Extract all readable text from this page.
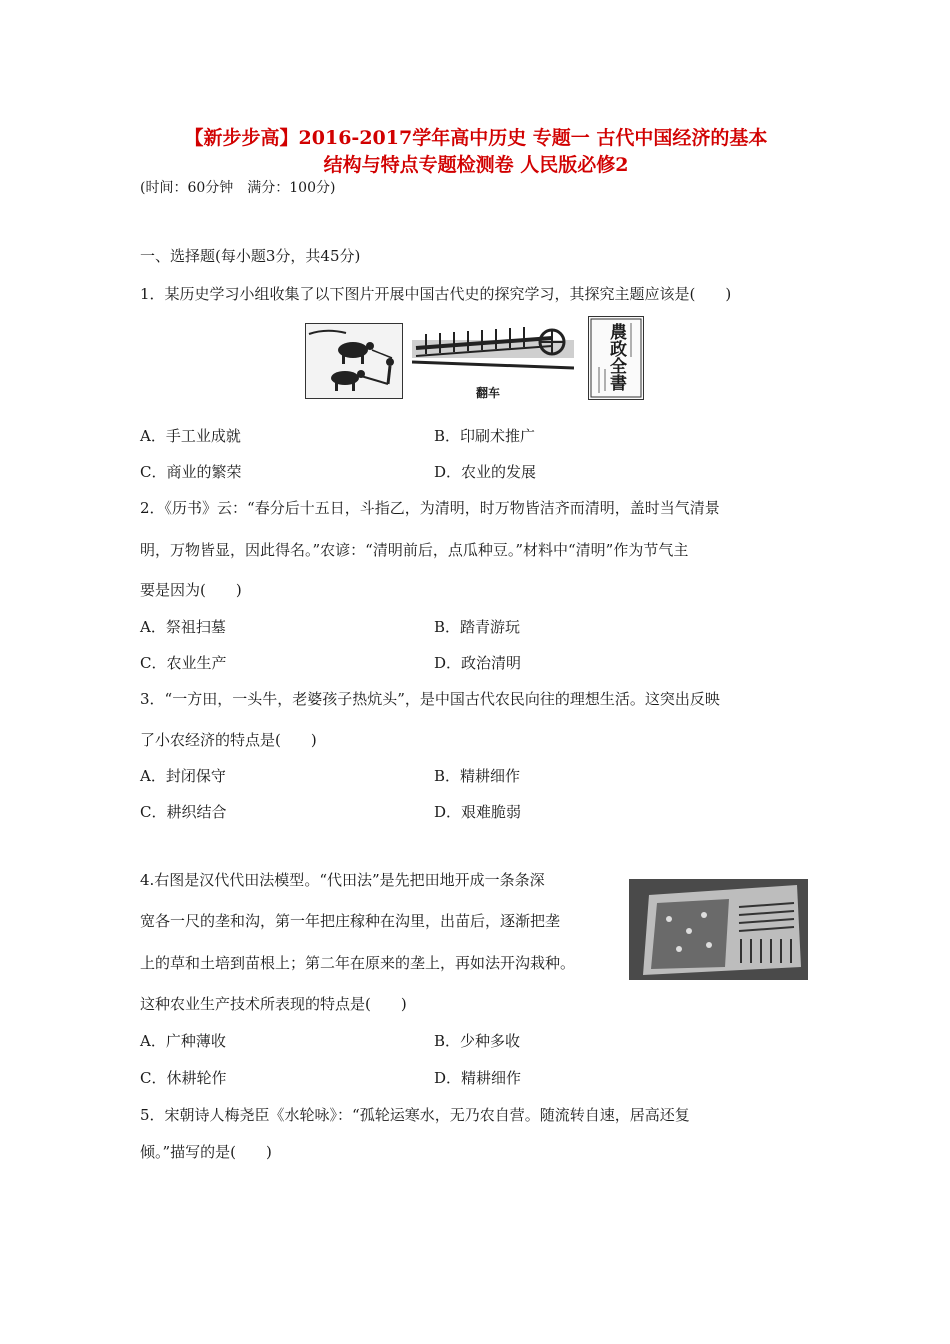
【新步步高】2016-2017学年高中历史 专题一 古代中国经济的基本
结构与特点专题检测卷 人民版必修2
(时间：60分钟　满分：100分)
一、选择题(每小题3分，共45分)
1．某历史学习小组收集了以下图片开展中国古代史的探究学习，其探究主题应该是(　　)
翻车
農政全書
A．手工业成就	B．印刷术推广
C．商业的繁荣	D．农业的发展
2．《历书》云：“春分后十五日，斗指乙，为清明，时万物皆洁齐而清明，盖时当气清景
明，万物皆显，因此得名。”农谚：“清明前后，点瓜种豆。”材料中“清明”作为节气主
要是因为(　　)
A．祭祖扫墓	B．踏青游玩
C．农业生产	D．政治清明
3．“一方田，一头牛，老婆孩子热炕头”，是中国古代农民向往的理想生活。这突出反映
了小农经济的特点是(　　)
A．封闭保守	B．精耕细作
C．耕织结合	D．艰难脆弱
4.右图是汉代代田法模型。“代田法”是先把田地开成一条条深
宽各一尺的垄和沟，第一年把庄稼种在沟里，出苗后，逐渐把垄
上的草和土培到苗根上；第二年在原来的垄上，再如法开沟栽种。
这种农业生产技术所表现的特点是(　　)
A．广种薄收	B．少种多收
C．休耕轮作	D．精耕细作
5．宋朝诗人梅尧臣《水轮咏》：“孤轮运寒水，无乃农自营。随流转自速，居高还复
倾。”描写的是(　　)
